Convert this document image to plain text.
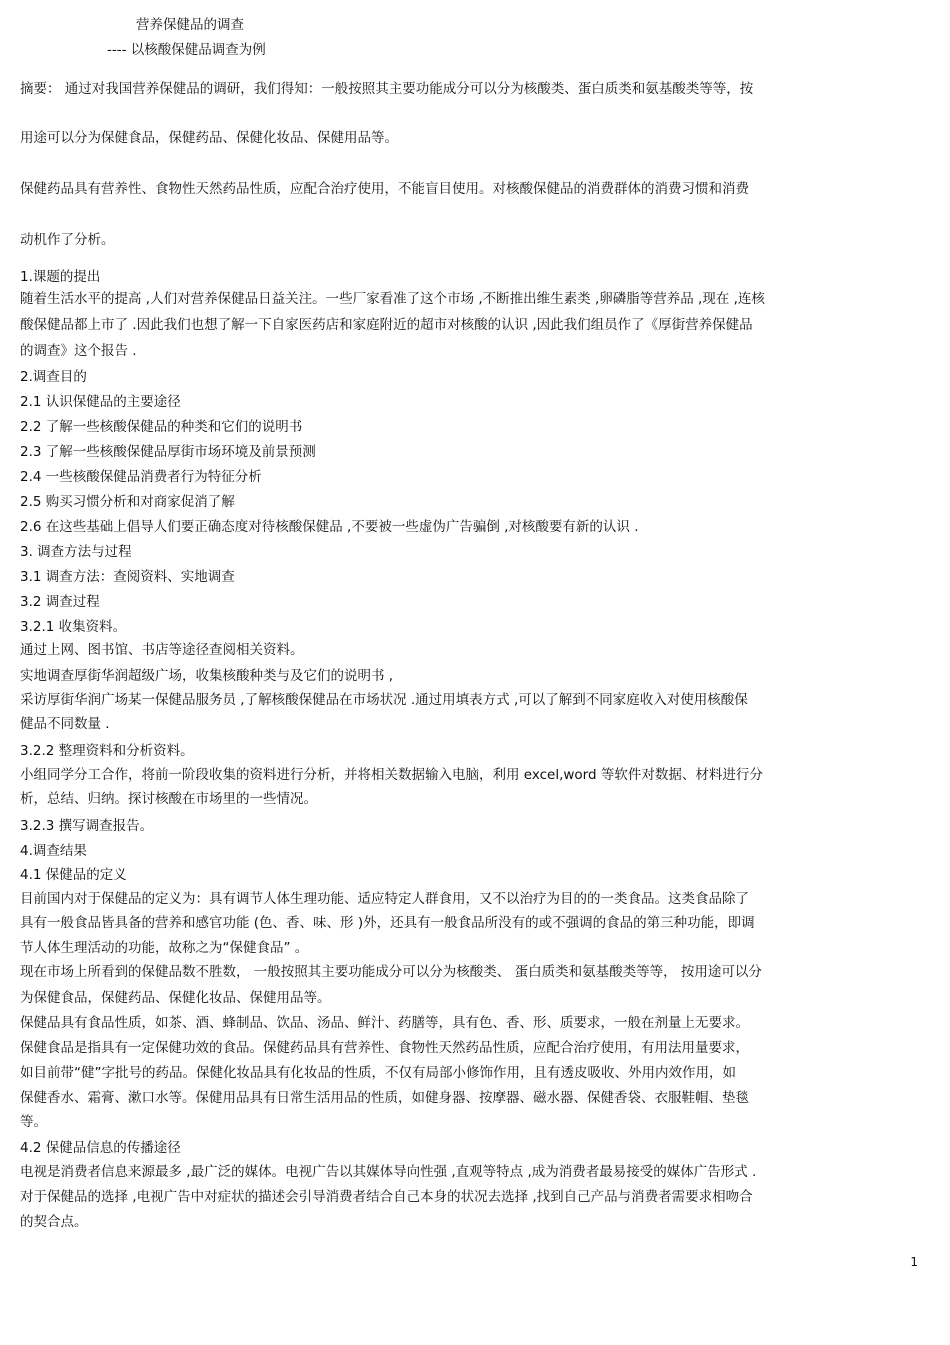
营养保健品的调查
---- 以核酸保健品调查为例
摘要： 通过对我国营养保健品的调研，我们得知：一般按照其主要功能成分可以分为核酸类、蛋白质类和氨基酸类等等，按
用途可以分为保健食品，保健药品、保健化妆品、保健用品等。
保健药品具有营养性、食物性天然药品性质，应配合治疗使用，不能盲目使用。对核酸保健品的消费群体的消费习惯和消费
动机作了分析。
1.课题的提出
随着生活水平的提高 ,人们对营养保健品日益关注。一些厂家看准了这个市场 ,不断推出维生素类 ,卵磷脂等营养品 ,现在 ,连核
酸保健品都上市了 .因此我们也想了解一下自家医药店和家庭附近的超市对核酸的认识 ,因此我们组员作了《厚街营养保健品
的调查》这个报告 .
2.调查目的
2.1 认识保健品的主要途径
2.2 了解一些核酸保健品的种类和它们的说明书
2.3 了解一些核酸保健品厚街市场环境及前景预测
2.4 一些核酸保健品消费者行为特征分析
2.5 购买习惯分析和对商家促消了解
2.6 在这些基础上倡导人们要正确态度对待核酸保健品 ,不要被一些虚伪广告骗倒 ,对核酸要有新的认识 .
3. 调查方法与过程
3.1 调查方法：查阅资料、实地调查
3.2 调查过程
3.2.1 收集资料。
通过上网、图书馆、书店等途径查阅相关资料。
实地调查厚街华润超级广场，收集核酸种类与及它们的说明书 ,
采访厚街华润广场某一保健品服务员 ,了解核酸保健品在市场状况 .通过用填表方式 ,可以了解到不同家庭收入对使用核酸保
健品不同数量 .
3.2.2 整理资料和分析资料。
小组同学分工合作，将前一阶段收集的资料进行分析，并将相关数据输入电脑，利用 excel,word 等软件对数据、材料进行分
析，总结、归纳。探讨核酸在市场里的一些情况。
3.2.3 撰写调查报告。
4.调查结果
4.1 保健品的定义
目前国内对于保健品的定义为：具有调节人体生理功能、适应特定人群食用，又不以治疗为目的的一类食品。这类食品除了
具有一般食品皆具备的营养和感官功能 (色、香、味、形 )外，还具有一般食品所没有的或不强调的食品的第三种功能，即调
节人体生理活动的功能，故称之为“保健食品” 。
现在市场上所看到的保健品数不胜数， 一般按照其主要功能成分可以分为核酸类、 蛋白质类和氨基酸类等等， 按用途可以分
为保健食品，保健药品、保健化妆品、保健用品等。
保健品具有食品性质，如茶、酒、蜂制品、饮品、汤品、鲜汁、药膳等，具有色、香、形、质要求，一般在剂量上无要求。
保健食品是指具有一定保健功效的食品。保健药品具有营养性、食物性天然药品性质，应配合治疗使用，有用法用量要求，
如目前带“健”字批号的药品。保健化妆品具有化妆品的性质，不仅有局部小修饰作用，且有透皮吸收、外用内效作用，如
保健香水、霜膏、漱口水等。保健用品具有日常生活用品的性质，如健身器、按摩器、磁水器、保健香袋、衣服鞋帽、垫毯
等。
4.2 保健品信息的传播途径
电视是消费者信息来源最多 ,最广泛的媒体。电视广告以其媒体导向性强 ,直观等特点 ,成为消费者最易接受的媒体广告形式 .
对于保健品的选择 ,电视广告中对症状的描述会引导消费者结合自己本身的状况去选择 ,找到自己产品与消费者需要求相吻合
的契合点。
1
